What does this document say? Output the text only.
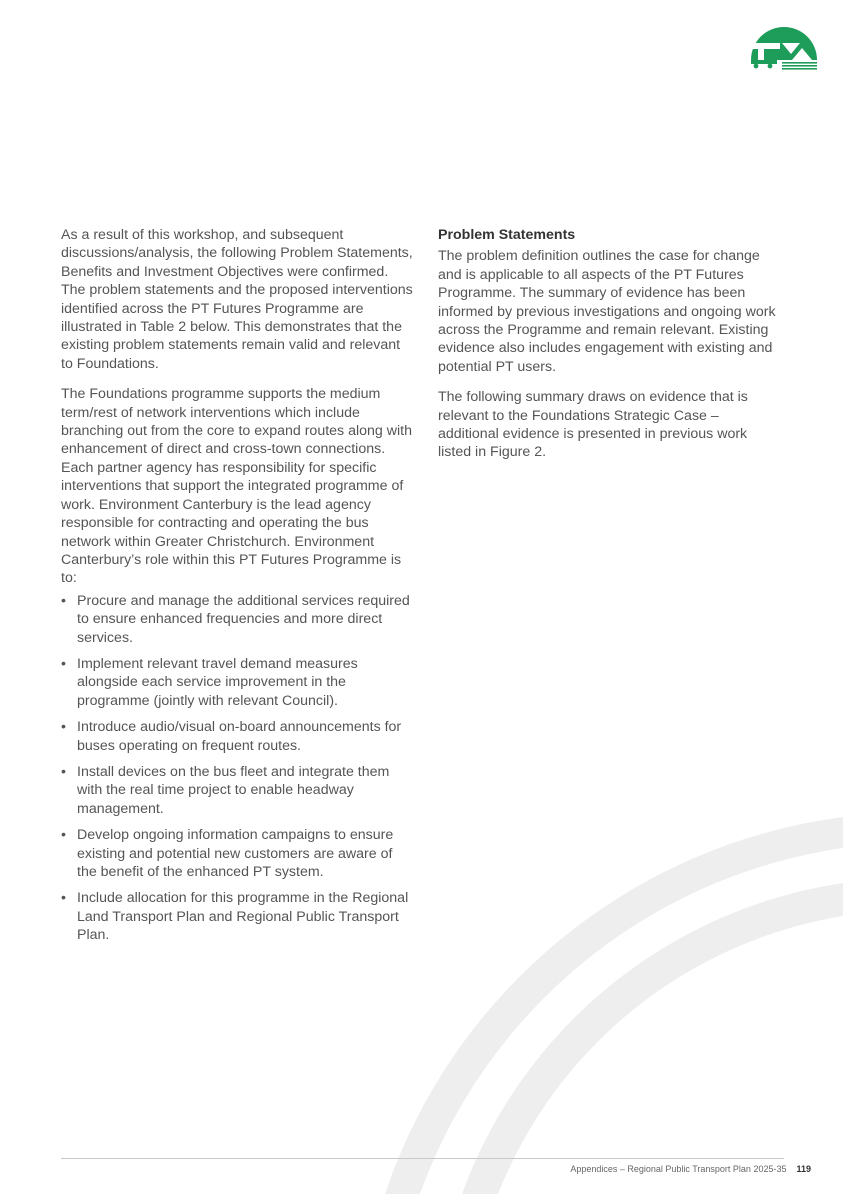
As a result of this workshop, and subsequent discussions/analysis, the following Problem Statements, Benefits and Investment Objectives were confirmed. The problem statements and the proposed interventions identified across the PT Futures Programme are illustrated in Table 2 below. This demonstrates that the existing problem statements remain valid and relevant to Foundations.

The Foundations programme supports the medium term/rest of network interventions which include branching out from the core to expand routes along with enhancement of direct and cross-town connections. Each partner agency has responsibility for specific interventions that support the integrated programme of work. Environment Canterbury is the lead agency responsible for contracting and operating the bus network within Greater Christchurch. Environment Canterbury’s role within this PT Futures Programme is to:

• Procure and manage the additional services required to ensure enhanced frequencies and more direct services.
• Implement relevant travel demand measures alongside each service improvement in the programme (jointly with relevant Council).
• Introduce audio/visual on-board announcements for buses operating on frequent routes.
• Install devices on the bus fleet and integrate them with the real time project to enable headway management.
• Develop ongoing information campaigns to ensure existing and potential new customers are aware of the benefit of the enhanced PT system.
• Include allocation for this programme in the Regional Land Transport Plan and Regional Public Transport Plan.
Problem Statements

The problem definition outlines the case for change and is applicable to all aspects of the PT Futures Programme. The summary of evidence has been informed by previous investigations and ongoing work across the Programme and remain relevant. Existing evidence also includes engagement with existing and potential PT users.

The following summary draws on evidence that is relevant to the Foundations Strategic Case – additional evidence is presented in previous work listed in Figure 2.

Appendices – Regional Public Transport Plan 2025-35 119
